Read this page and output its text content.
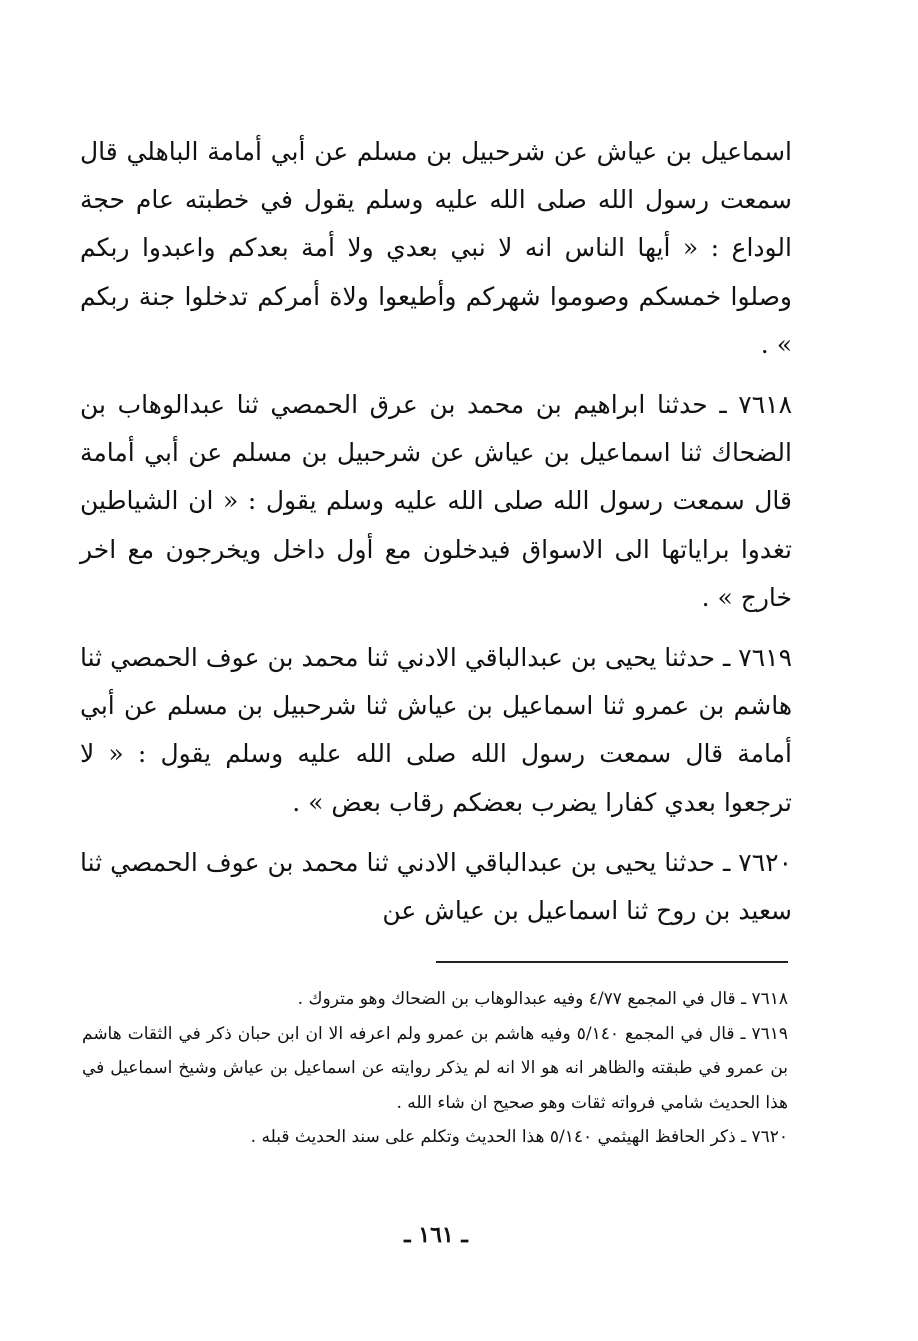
اسماعيل بن عياش عن شرحبيل بن مسلم عن أبي أمامة الباهلي قال سمعت رسول الله صلى الله عليه وسلم يقول في خطبته عام حجة الوداع : « أيها الناس انه لا نبي بعدي ولا أمة بعدكم واعبدوا ربكم وصلوا خمسكم وصوموا شهركم وأطيعوا ولاة أمركم تدخلوا جنة ربكم » .

٧٦١٨ ـ حدثنا ابراهيم بن محمد بن عرق الحمصي ثنا عبدالوهاب بن الضحاك ثنا اسماعيل بن عياش عن شرحبيل بن مسلم عن أبي أمامة قال سمعت رسول الله صلى الله عليه وسلم يقول : « ان الشياطين تغدوا براياتها الى الاسواق فيدخلون مع أول داخل ويخرجون مع اخر خارج » .

٧٦١٩ ـ حدثنا يحيى بن عبدالباقي الادني ثنا محمد بن عوف الحمصي ثنا هاشم بن عمرو ثنا اسماعيل بن عياش ثنا شرحبيل بن مسلم عن أبي أمامة قال سمعت رسول الله صلى الله عليه وسلم يقول : « لا ترجعوا بعدي كفارا يضرب بعضكم رقاب بعض » .

٧٦٢٠ ـ حدثنا يحيى بن عبدالباقي الادني ثنا محمد بن عوف الحمصي ثنا سعيد بن روح ثنا اسماعيل بن عياش عن

٧٦١٨ ـ قال في المجمع ٤/٧٧ وفيه عبدالوهاب بن الضحاك وهو متروك .

٧٦١٩ ـ قال في المجمع ٥/١٤٠ وفيه هاشم بن عمرو ولم اعرفه الا ان ابن حبان ذكر في الثقات هاشم بن عمرو في طبقته والظاهر انه هو الا انه لم يذكر روايته عن اسماعيل بن عياش وشيخ اسماعيل في هذا الحديث شامي فرواته ثقات وهو صحيح ان شاء الله .

٧٦٢٠ ـ ذكر الحافظ الهيثمي ٥/١٤٠ هذا الحديث وتكلم على سند الحديث قبله .

ـ ١٦١ ـ
